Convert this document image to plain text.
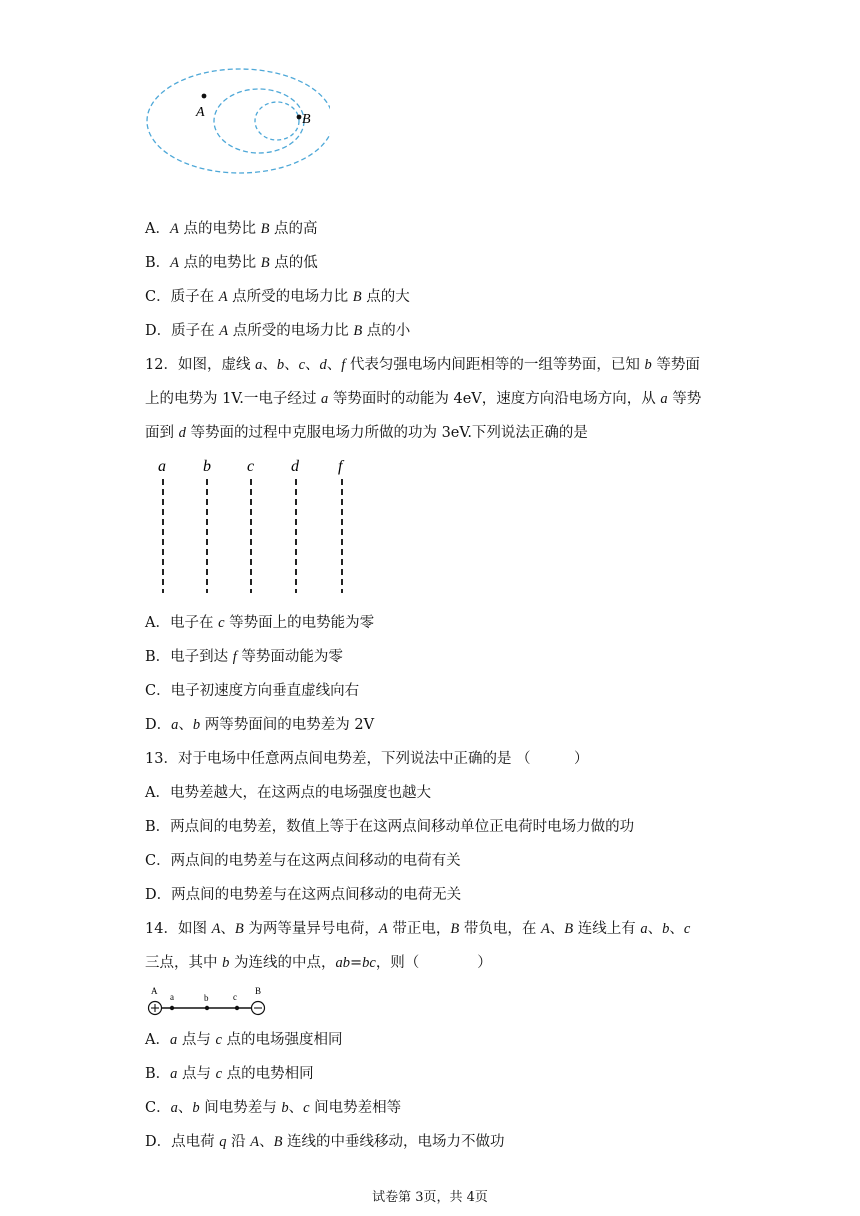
A	B
A．A 点的电势比 B 点的高
B．A 点的电势比 B 点的低
C．质子在 A 点所受的电场力比 B 点的大
D．质子在 A 点所受的电场力比 B 点的小
12．如图，虚线 a、b、c、d、f 代表匀强电场内间距相等的一组等势面，已知 b 等势面
上的电势为 1V.一电子经过 a 等势面时的动能为 4eV，速度方向沿电场方向，从 a 等势
面到 d 等势面的过程中克服电场力所做的功为 3eV.下列说法正确的是
a b c d f
A．电子在 c 等势面上的电势能为零
B．电子到达 f 等势面动能为零
C．电子初速度方向垂直虚线向右
D．a、b 两等势面间的电势差为 2V
13．对于电场中任意两点间电势差，下列说法中正确的是 （　　　）
A．电势差越大，在这两点的电场强度也越大
B．两点间的电势差，数值上等于在这两点间移动单位正电荷时电场力做的功
C．两点间的电势差与在这两点间移动的电荷有关
D．两点间的电势差与在这两点间移动的电荷无关
14．如图 A、B 为两等量异号电荷，A 带正电，B 带负电，在 A、B 连线上有 a、b、c
三点，其中 b 为连线的中点，ab=bc，则（　　　　）
A
a	b	c
B
A．a 点与 c 点的电场强度相同
B．a 点与 c 点的电势相同
C．a、b 间电势差与 b、c 间电势差相等
D．点电荷 q 沿 A、B 连线的中垂线移动，电场力不做功
试卷第 3页，共 4页
